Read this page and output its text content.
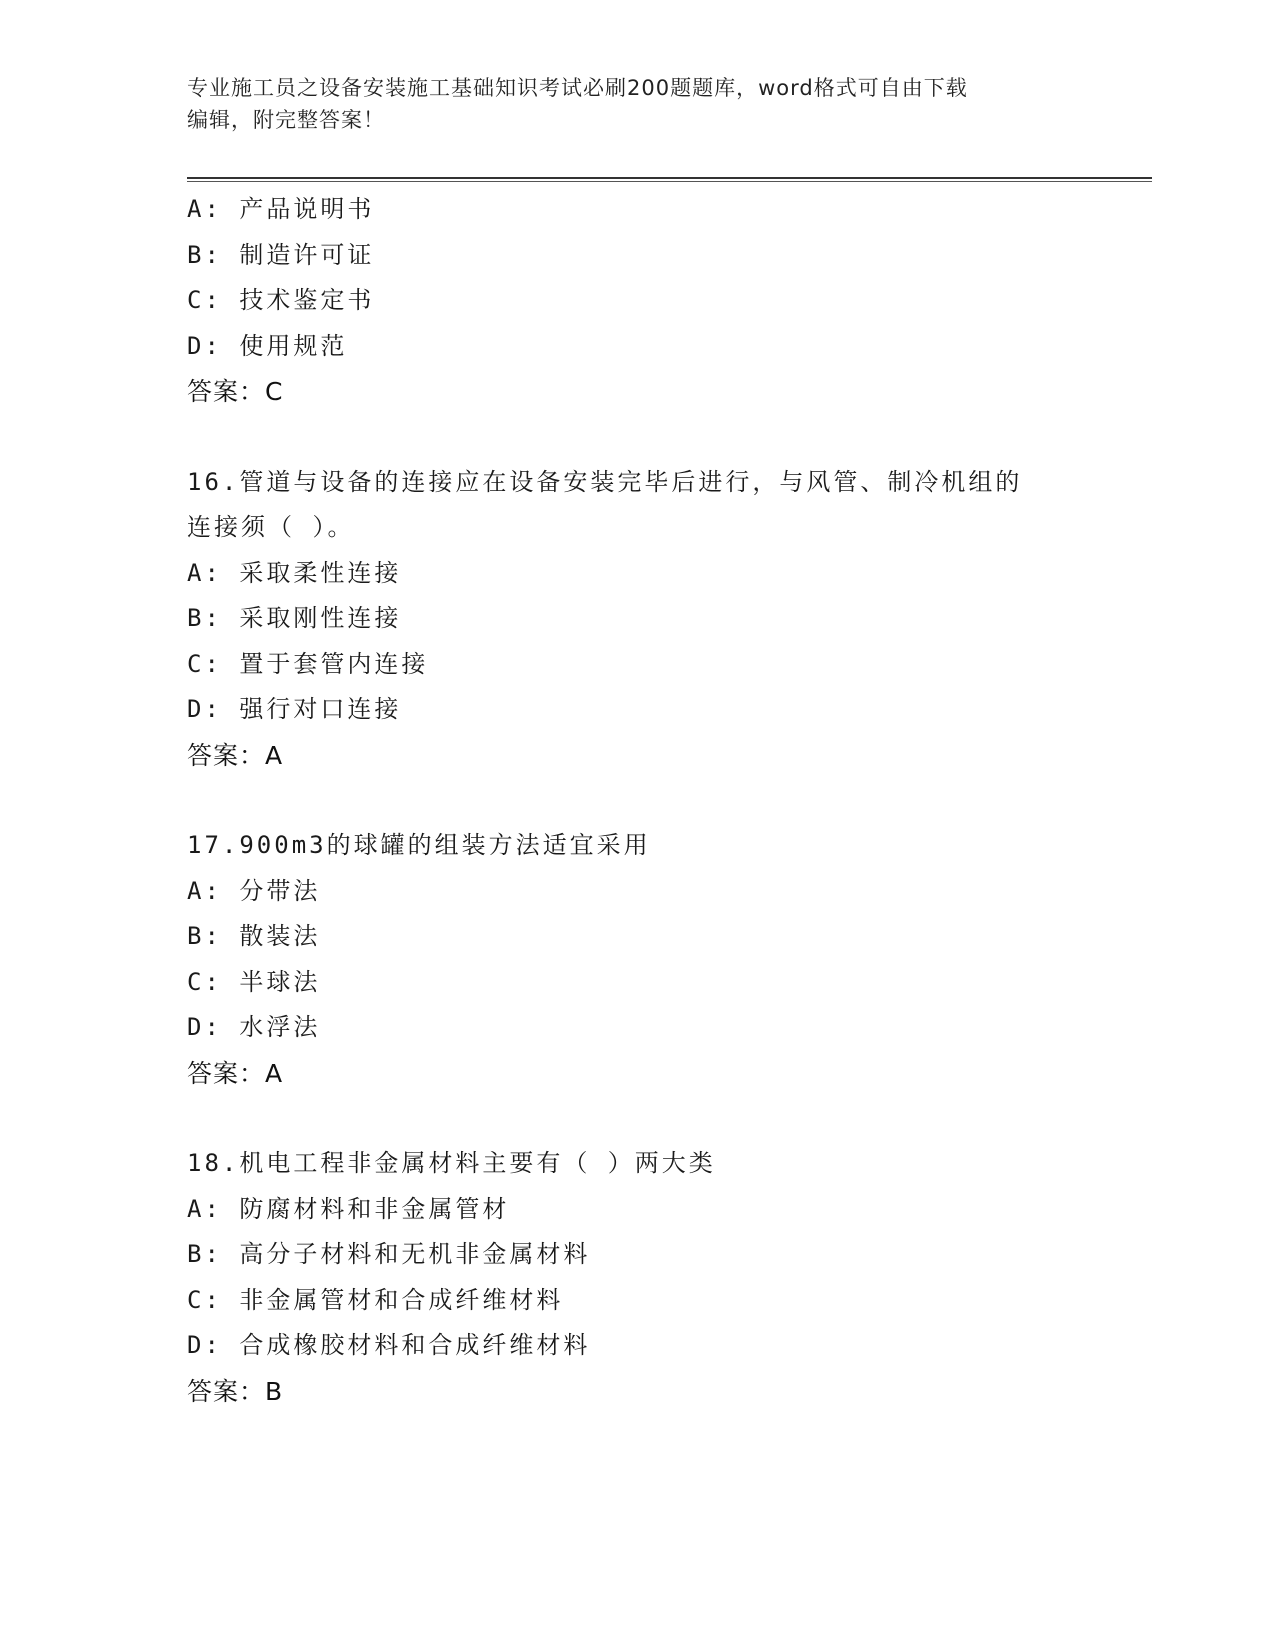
专业施工员之设备安装施工基础知识考试必刷200题题库，word格式可自由下载
编辑，附完整答案！
A: 产品说明书
B: 制造许可证
C: 技术鉴定书
D: 使用规范
答案：C
16.管道与设备的连接应在设备安装完毕后进行，与风管、制冷机组的
连接须（ ）。
A: 采取柔性连接
B: 采取刚性连接
C: 置于套管内连接
D: 强行对口连接
答案：A
17.900m3的球罐的组装方法适宜采用
A: 分带法
B: 散装法
C: 半球法
D: 水浮法
答案：A
18.机电工程非金属材料主要有（ ）两大类
A: 防腐材料和非金属管材
B: 高分子材料和无机非金属材料
C: 非金属管材和合成纤维材料
D: 合成橡胶材料和合成纤维材料
答案：B
